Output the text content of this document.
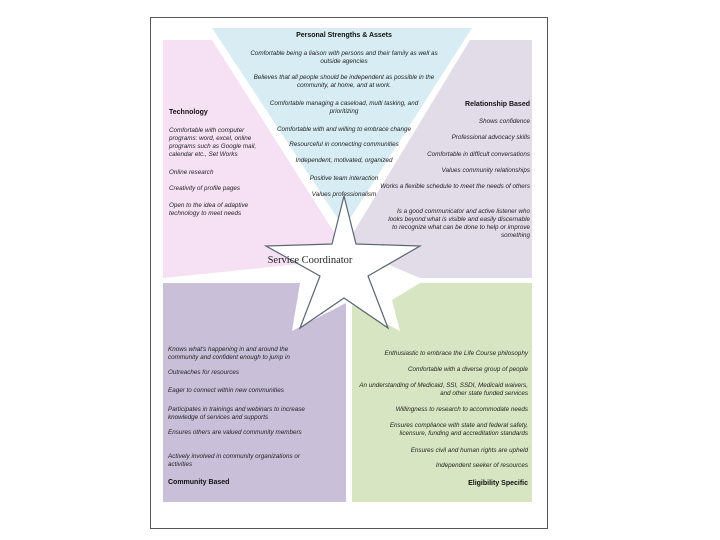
Service Coordinator
Personal Strengths & Assets
Comfortable being a liaison with persons and their family as well as outside agencies
Believes that all people should be independent as possible in the community, at home, and at work.
Comfortable managing a caseload, multi tasking, and prioritizing
Comfortable with and willing to embrace change
Resourceful in connecting communities
Independent, motivated, organized
Positive team interaction
Values professionalism
Technology
Comfortable with computer programs: word, excel, online programs such as Google mail, calendar etc., Set Works
Online research
Creativity of profile pages
Open to the idea of adaptive technology to meet needs
Relationship Based
Shows confidence
Professional advocacy skills
Comfortable in difficult conversations
Values community relationships
Works a flexible schedule to meet the needs of others
Is a good communicator and active listener who looks beyond what is visible and easily discernable to recognize what can be done to help or improve something
Knows what's happening in and around the community and confident enough to jump in
Outreaches for resources
Eager to connect within new communities
Participates in trainings and webinars to increase knowledge of services and supports
Ensures others are valued community members
Actively involved in community organizations or activities
Community Based
Enthusiastic to embrace the Life Course philosophy
Comfortable with a diverse group of people
An understanding of Medicaid, SSI, SSDI, Medicaid waivers, and other state funded services
Willingness to research to accommodate needs
Ensures compliance with state and federal safety, licensure, funding and accreditation standards
Ensures civil and human rights are upheld
Independent seeker of resources
Eligibility Specific
